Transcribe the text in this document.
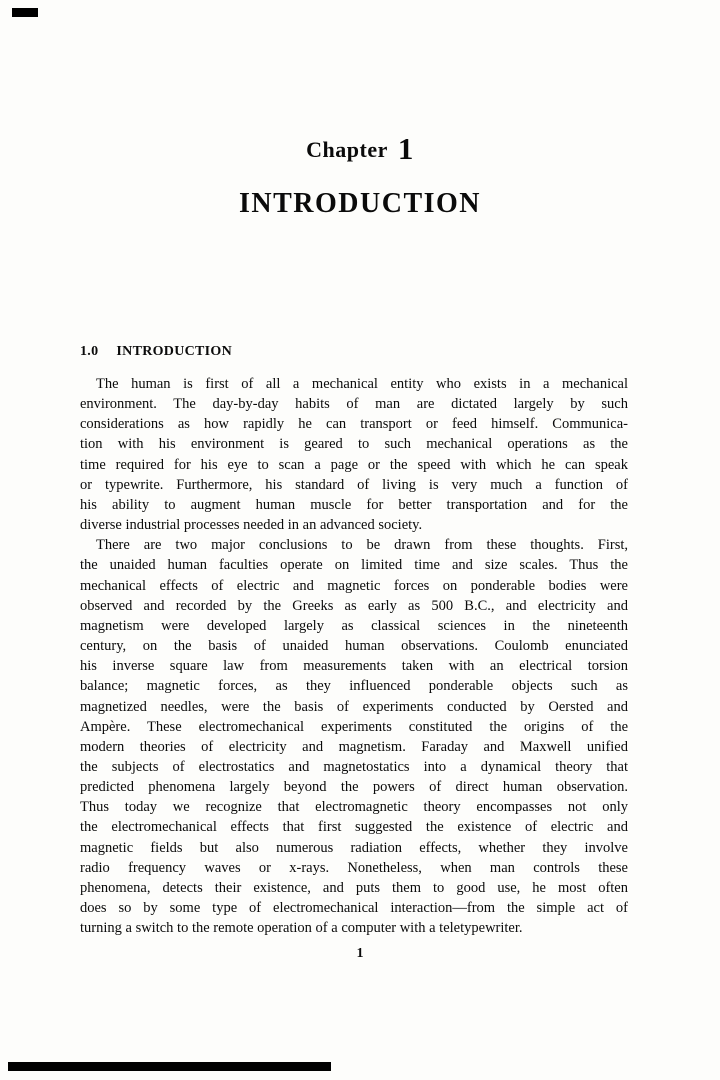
Chapter 1
INTRODUCTION
1.0 INTRODUCTION
The human is first of all a mechanical entity who exists in a mechanical
environment. The day-by-day habits of man are dictated largely by such
considerations as how rapidly he can transport or feed himself. Communica-
tion with his environment is geared to such mechanical operations as the
time required for his eye to scan a page or the speed with which he can speak
or typewrite. Furthermore, his standard of living is very much a function of
his ability to augment human muscle for better transportation and for the
diverse industrial processes needed in an advanced society.
There are two major conclusions to be drawn from these thoughts. First,
the unaided human faculties operate on limited time and size scales. Thus the
mechanical effects of electric and magnetic forces on ponderable bodies were
observed and recorded by the Greeks as early as 500 B.C., and electricity and
magnetism were developed largely as classical sciences in the nineteenth
century, on the basis of unaided human observations. Coulomb enunciated
his inverse square law from measurements taken with an electrical torsion
balance; magnetic forces, as they influenced ponderable objects such as
magnetized needles, were the basis of experiments conducted by Oersted and
Ampère. These electromechanical experiments constituted the origins of the
modern theories of electricity and magnetism. Faraday and Maxwell unified
the subjects of electrostatics and magnetostatics into a dynamical theory that
predicted phenomena largely beyond the powers of direct human observation.
Thus today we recognize that electromagnetic theory encompasses not only
the electromechanical effects that first suggested the existence of electric and
magnetic fields but also numerous radiation effects, whether they involve
radio frequency waves or x-rays. Nonetheless, when man controls these
phenomena, detects their existence, and puts them to good use, he most often
does so by some type of electromechanical interaction—from the simple act of
turning a switch to the remote operation of a computer with a teletypewriter.
1
